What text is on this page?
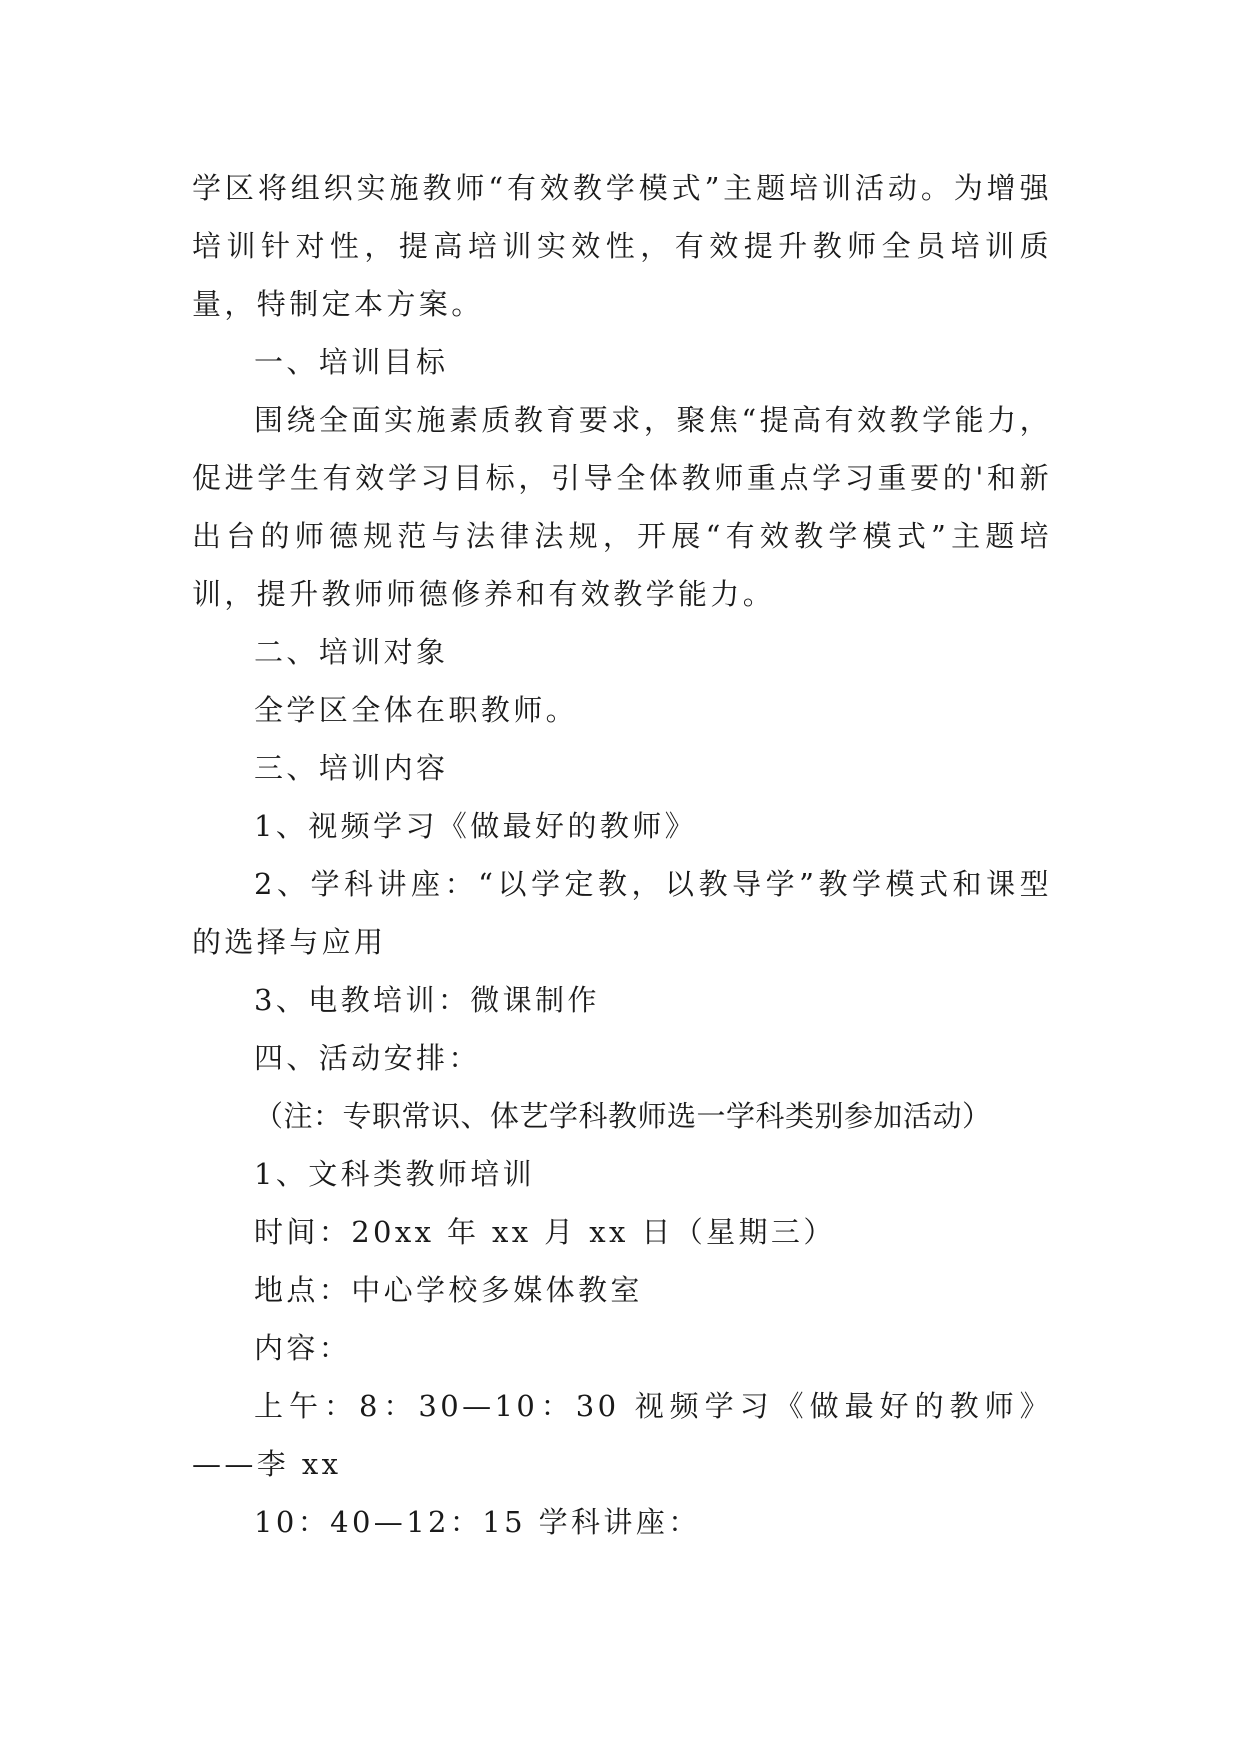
学区将组织实施教师“有效教学模式”主题培训活动。为增强培训针对性，提高培训实效性，有效提升教师全员培训质量，特制定本方案。

一、培训目标

围绕全面实施素质教育要求，聚焦“提高有效教学能力，促进学生有效学习目标，引导全体教师重点学习重要的'和新出台的师德规范与法律法规，开展“有效教学模式”主题培训，提升教师师德修养和有效教学能力。

二、培训对象

全学区全体在职教师。

三、培训内容

1、视频学习《做最好的教师》

2、学科讲座：“以学定教，以教导学”教学模式和课型的选择与应用

3、电教培训：微课制作

四、活动安排：

（注：专职常识、体艺学科教师选一学科类别参加活动）

1、文科类教师培训

时间：20xx 年 xx 月 xx 日（星期三）

地点：中心学校多媒体教室

内容：

上午：8：30—10：30 视频学习《做最好的教师》——李 xx

10：40—12：15 学科讲座：
